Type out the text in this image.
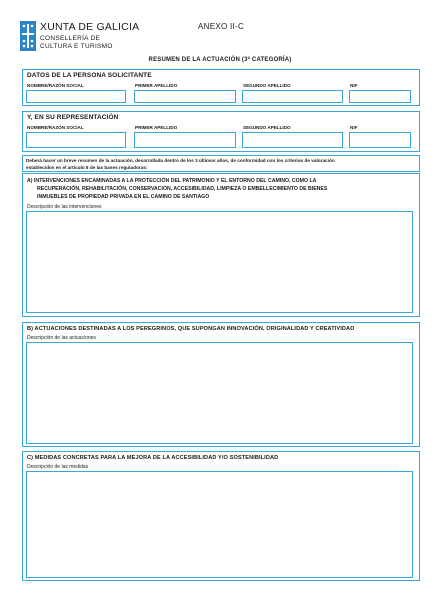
XUNTA DE GALICIA
CONSELLERÍA DE
CULTURA E TURISMO
ANEXO II-C
RESUMEN DE LA ACTUACIÓN (3ª CATEGORÍA)
DATOS DE LA PERSONA SOLICITANTE
NOMBRE/RAZÓN SOCIAL	PRIMER APELLIDO	SEGUNDO APELLIDO	NIF
Y, EN SU REPRESENTACIÓN
NOMBRE/RAZÓN SOCIAL	PRIMER APELLIDO	SEGUNDO APELLIDO	NIF
Deberá hacer un breve resumen de la actuación, desarrollada dentro de los 3 últimos años, de conformidad con los criterios de valoración
establecidos en el artículo 8 de las bases reguladoras:
A) INTERVENCIONES ENCAMINADAS A LA PROTECCIÓN DEL PATRIMONIO Y EL ENTORNO DEL CAMINO, COMO LA
RECUPERACIÓN, REHABILITACIÓN, CONSERVACIÓN, ACCESIBILIDAD, LIMPIEZA O EMBELLECIMIENTO DE BIENES
INMUEBLES DE PROPIEDAD PRIVADA EN EL CAMINO DE SANTIAGO
Descripción de las intervenciones
B) ACTUACIONES DESTINADAS A LOS PEREGRINOS, QUE SUPONGAN INNOVACIÓN, ORIGINALIDAD Y CREATIVIDAD
Descripción de las actuaciones
C) MEDIDAS CONCRETAS PARA LA MEJORA DE LA ACCESIBILIDAD Y/O SOSTENIBILIDAD
Descripción de las medidas
